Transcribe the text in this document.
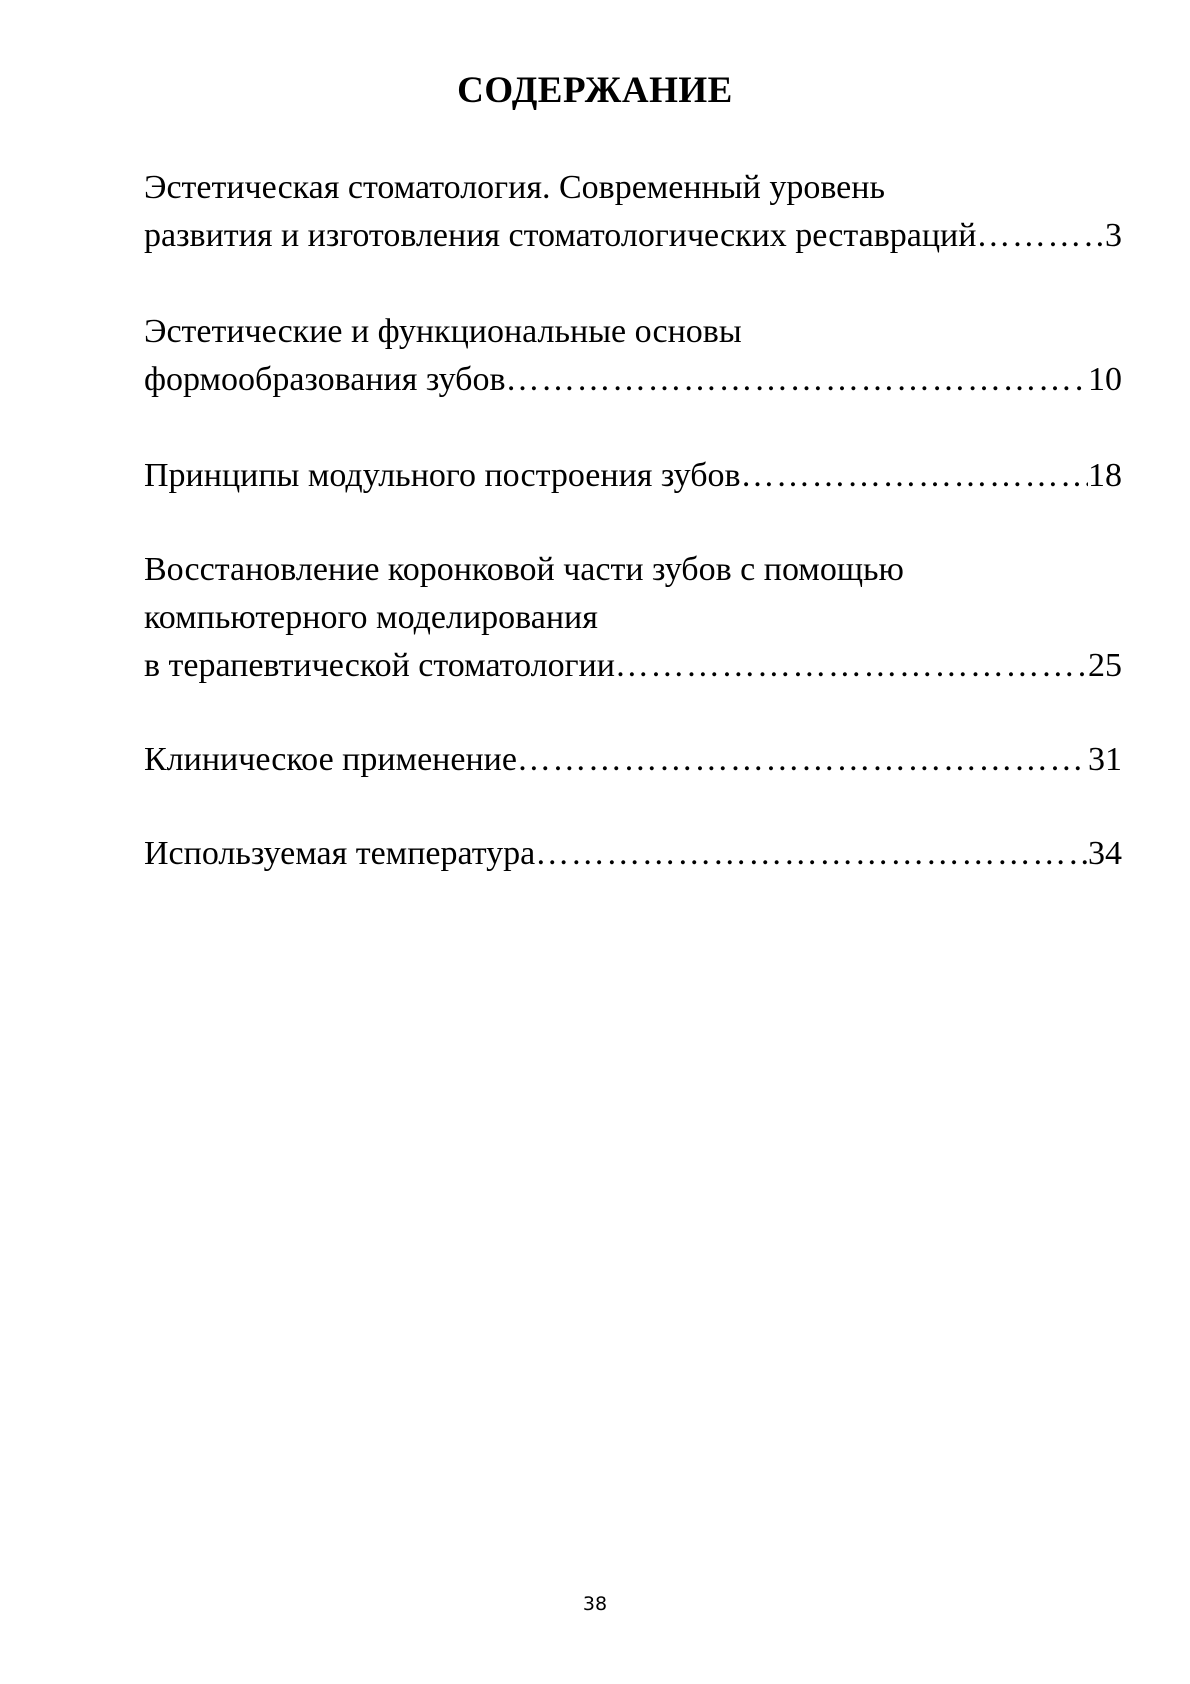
СОДЕРЖАНИЕ
Эстетическая стоматология. Современный уровень
развития и изготовления стоматологических реставраций …………………………………………………………………………………………………………………………………………	3
Эстетические и функциональные основы
формообразования зубов …………………………………………………………………………………………………………………………………………	10
Принципы модульного построения зубов …………………………………………………………………………………………………………………………………………	18
Восстановление коронковой части зубов с помощью
компьютерного моделирования
в терапевтической стоматологии …………………………………………………………………………………………………………………………………………	25
Клиническое применение …………………………………………………………………………………………………………………………………………	31
Используемая температура …………………………………………………………………………………………………………………………………………	34
38
